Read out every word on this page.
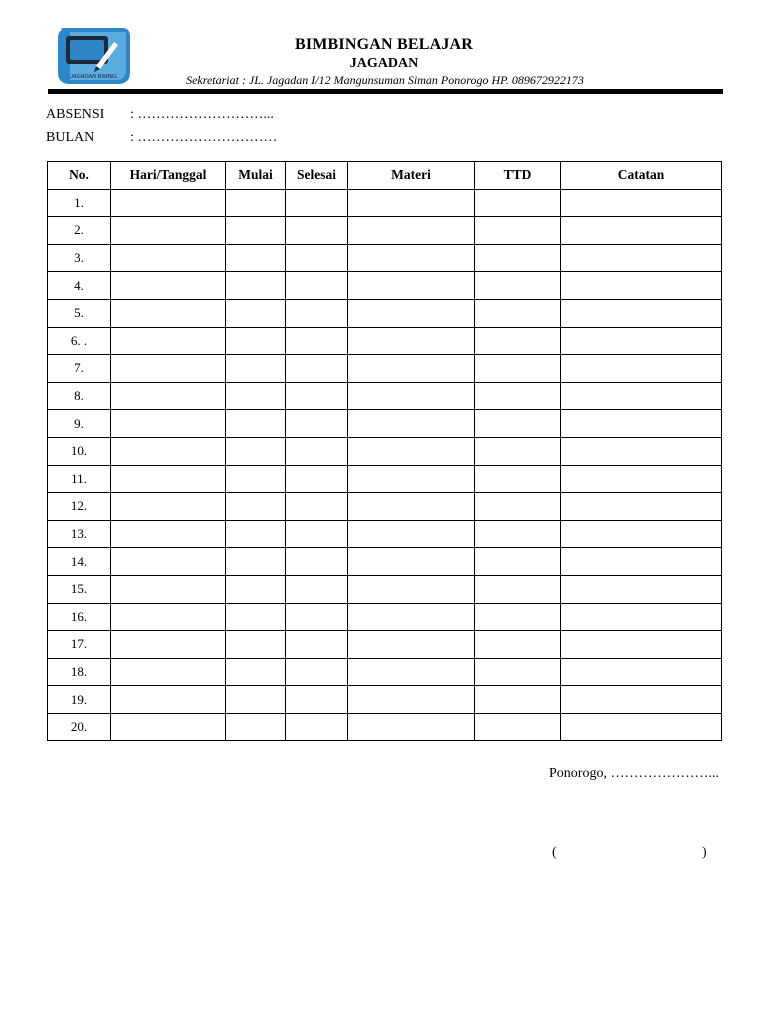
JAGADAN BIMBEL
BIMBINGAN BELAJAR
JAGADAN
Sekretariat : JL. Jagadan I/12 Mangunsuman Siman Ponorogo HP. 089672922173
ABSENSI : ………………………...
BULAN	: …………………………
No.	Hari/Tanggal	Mulai	Selesai	Materi	TTD	Catatan
1.						
2.						
3.						
4.						
5.						
6. .						
7.						
8.						
9.						
10.						
11.						
12.						
13.						
14.						
15.						
16.						
17.						
18.						
19.						
20.						
Ponorogo, …………………...
(	)
